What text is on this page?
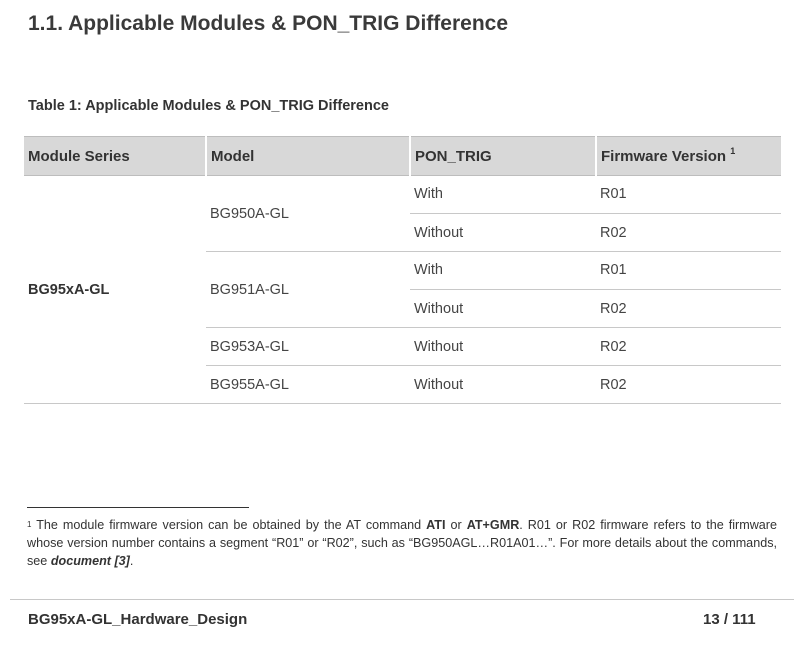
1.1. Applicable Modules & PON_TRIG Difference
Table 1: Applicable Modules & PON_TRIG Difference
Module Series	Model	PON_TRIG	Firmware Version $^1$
BG95xA-GL	BG950A-GL	With	R01
		Without	R02
	BG951A-GL	With	R01
		Without	R02
	BG953A-GL	Without	R02
	BG955A-GL	Without	R02
$^1$ The module firmware version can be obtained by the AT command ATI or AT+GMR. R01 or R02 firmware refers to the firmware whose version number contains a segment “R01” or “R02”, such as “BG950AGL…R01A01…”. For more details about the commands, see document [3].
BG95xA-GL_Hardware_Design	13 / 111
